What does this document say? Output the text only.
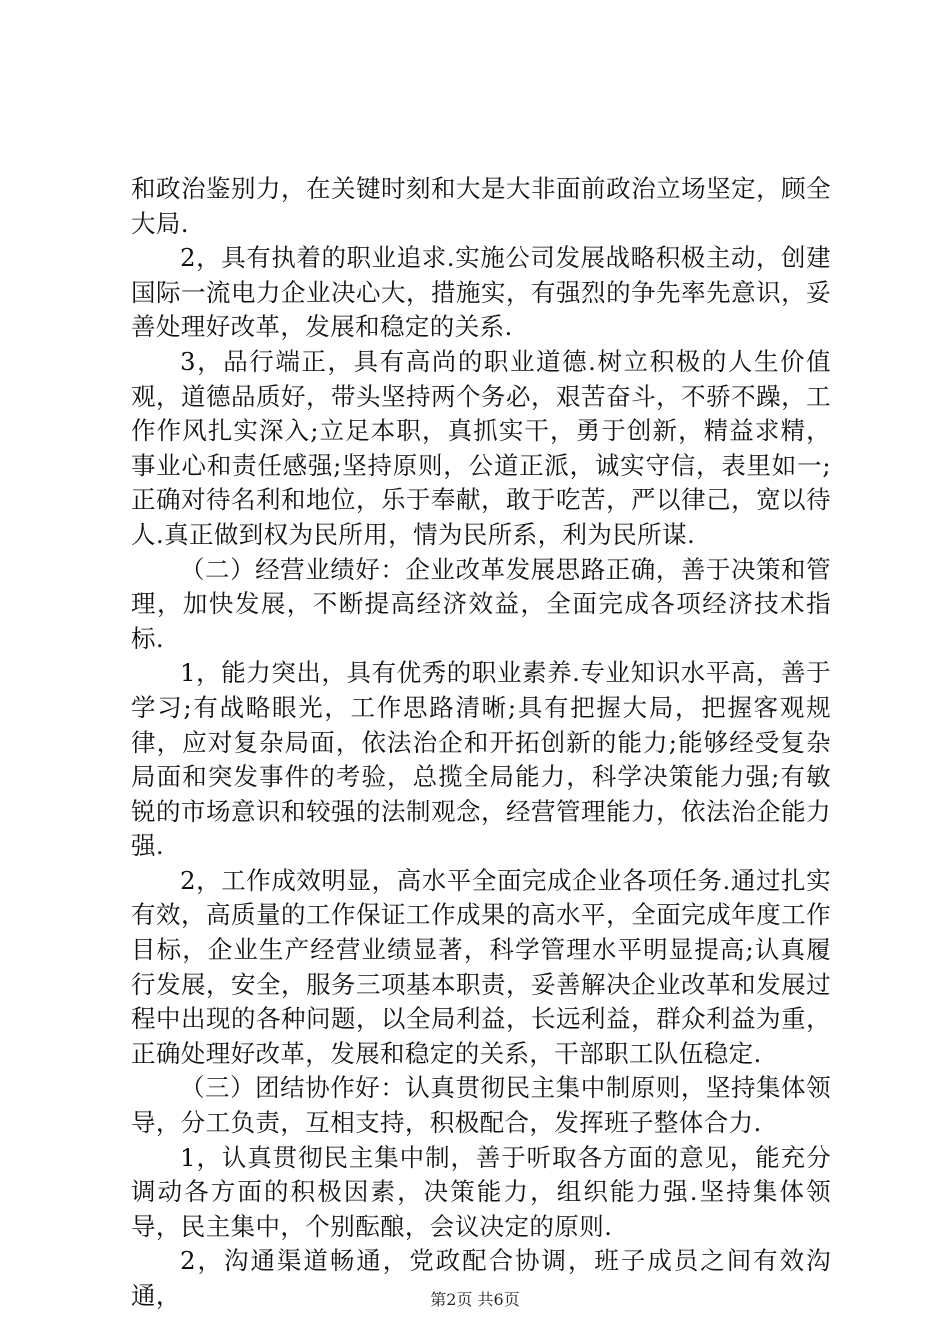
和政治鉴别力，在关键时刻和大是大非面前政治立场坚定，顾全大局.

2，具有执着的职业追求.实施公司发展战略积极主动，创建国际一流电力企业决心大，措施实，有强烈的争先率先意识，妥善处理好改革，发展和稳定的关系.

3，品行端正，具有高尚的职业道德.树立积极的人生价值观，道德品质好，带头坚持两个务必，艰苦奋斗，不骄不躁，工作作风扎实深入;立足本职，真抓实干，勇于创新，精益求精，事业心和责任感强;坚持原则，公道正派，诚实守信，表里如一;正确对待名利和地位，乐于奉献，敢于吃苦，严以律己，宽以待人.真正做到权为民所用，情为民所系，利为民所谋.

（二）经营业绩好：企业改革发展思路正确，善于决策和管理，加快发展，不断提高经济效益，全面完成各项经济技术指标.

1，能力突出，具有优秀的职业素养.专业知识水平高，善于学习;有战略眼光，工作思路清晰;具有把握大局，把握客观规律，应对复杂局面，依法治企和开拓创新的能力;能够经受复杂局面和突发事件的考验，总揽全局能力，科学决策能力强;有敏锐的市场意识和较强的法制观念，经营管理能力，依法治企能力强.

2，工作成效明显，高水平全面完成企业各项任务.通过扎实有效，高质量的工作保证工作成果的高水平，全面完成年度工作目标，企业生产经营业绩显著，科学管理水平明显提高;认真履行发展，安全，服务三项基本职责，妥善解决企业改革和发展过程中出现的各种问题，以全局利益，长远利益，群众利益为重，正确处理好改革，发展和稳定的关系，干部职工队伍稳定.

（三）团结协作好：认真贯彻民主集中制原则，坚持集体领导，分工负责，互相支持，积极配合，发挥班子整体合力.

1，认真贯彻民主集中制，善于听取各方面的意见，能充分调动各方面的积极因素，决策能力，组织能力强.坚持集体领导，民主集中，个别酝酿，会议决定的原则.

2，沟通渠道畅通，党政配合协调，班子成员之间有效沟通，	第2页 共6页
